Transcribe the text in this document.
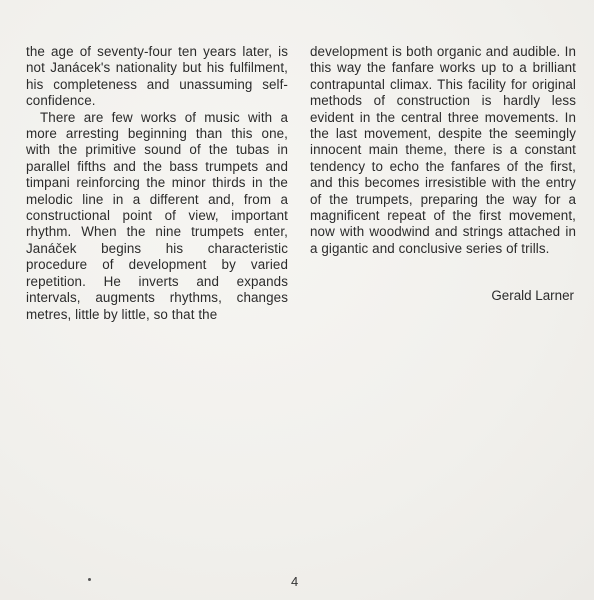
the age of seventy-four ten years later, is not Janácek's nationality but his fulfilment, his completeness and unassuming self-confidence.

There are few works of music with a more arresting beginning than this one, with the primitive sound of the tubas in parallel fifths and the bass trumpets and timpani reinforcing the minor thirds in the melodic line in a different and, from a constructional point of view, important rhythm. When the nine trumpets enter, Janáček begins his characteristic procedure of development by varied repetition. He inverts and expands intervals, augments rhythms, changes metres, little by little, so that the

development is both organic and audible. In this way the fanfare works up to a brilliant contrapuntal climax. This facility for original methods of construction is hardly less evident in the central three movements. In the last movement, despite the seemingly innocent main theme, there is a constant tendency to echo the fanfares of the first, and this becomes irresistible with the entry of the trumpets, preparing the way for a magnificent repeat of the first movement, now with woodwind and strings attached in a gigantic and conclusive series of trills.

Gerald Larner
4
